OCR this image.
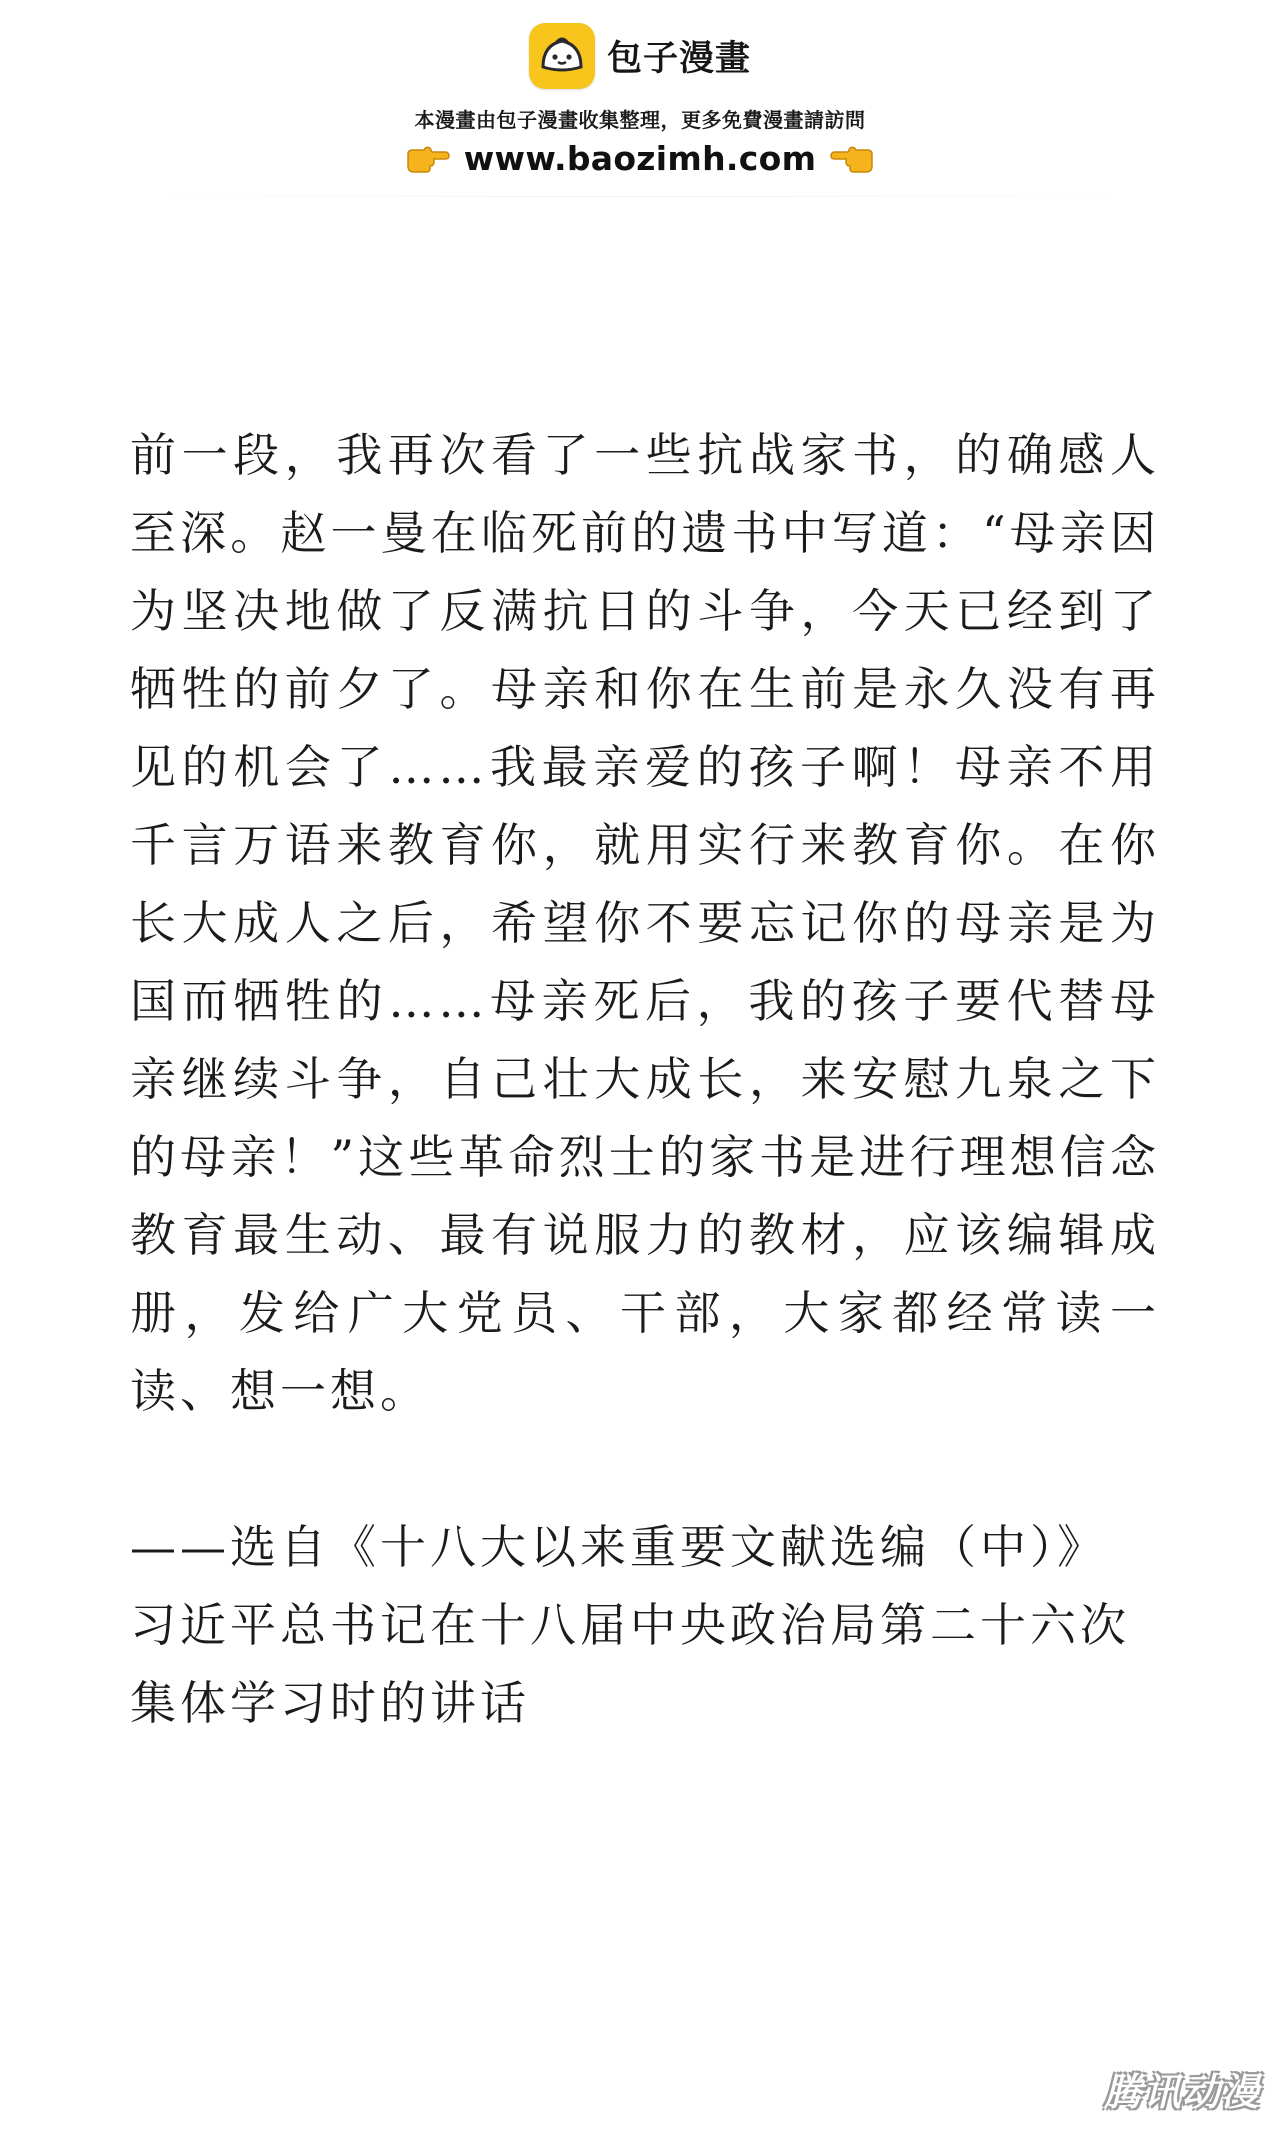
包子漫畫
本漫畫由包子漫畫收集整理，更多免費漫畫請訪問
www.baozimh.com
前一段，我再次看了一些抗战家书，的确感人至深。赵一曼在临死前的遗书中写道：“母亲因为坚决地做了反满抗日的斗争，今天已经到了牺牲的前夕了。母亲和你在生前是永久没有再见的机会了……我最亲爱的孩子啊！母亲不用千言万语来教育你，就用实行来教育你。在你长大成人之后，希望你不要忘记你的母亲是为国而牺牲的……母亲死后，我的孩子要代替母亲继续斗争，自己壮大成长，来安慰九泉之下的母亲！”这些革命烈士的家书是进行理想信念教育最生动、最有说服力的教材，应该编辑成册，发给广大党员、干部，大家都经常读一读、想一想。

——选自《十八大以来重要文献选编（中）》

习近平总书记在十八届中央政治局第二十六次

集体学习时的讲话

腾讯动漫
